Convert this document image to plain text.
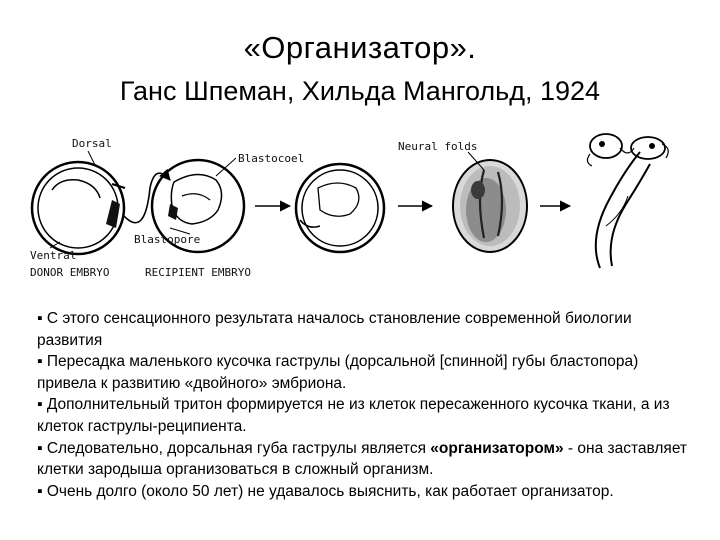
«Организатор».
Ганс Шпеман, Хильда Мангольд, 1924
Dorsal
Blastocoel
Neural folds
Blastopore
Ventral
DONOR EMBRYO	RECIPIENT EMBRYO

▪ С этого сенсационного результата началось становление современной биологии развития

▪ Пересадка маленького кусочка гаструлы (дорсальной [спинной] губы бластопора) привела к развитию «двойного» эмбриона.

▪ Дополнительный тритон формируется не из клеток пересаженного кусочка ткани, а из клеток гаструлы-реципиента.

▪ Следовательно, дорсальная губа гаструлы является «организатором» - она заставляет клетки зародыша организоваться в сложный организм.

▪ Очень долго (около 50 лет) не удавалось выяснить, как работает организатор.
